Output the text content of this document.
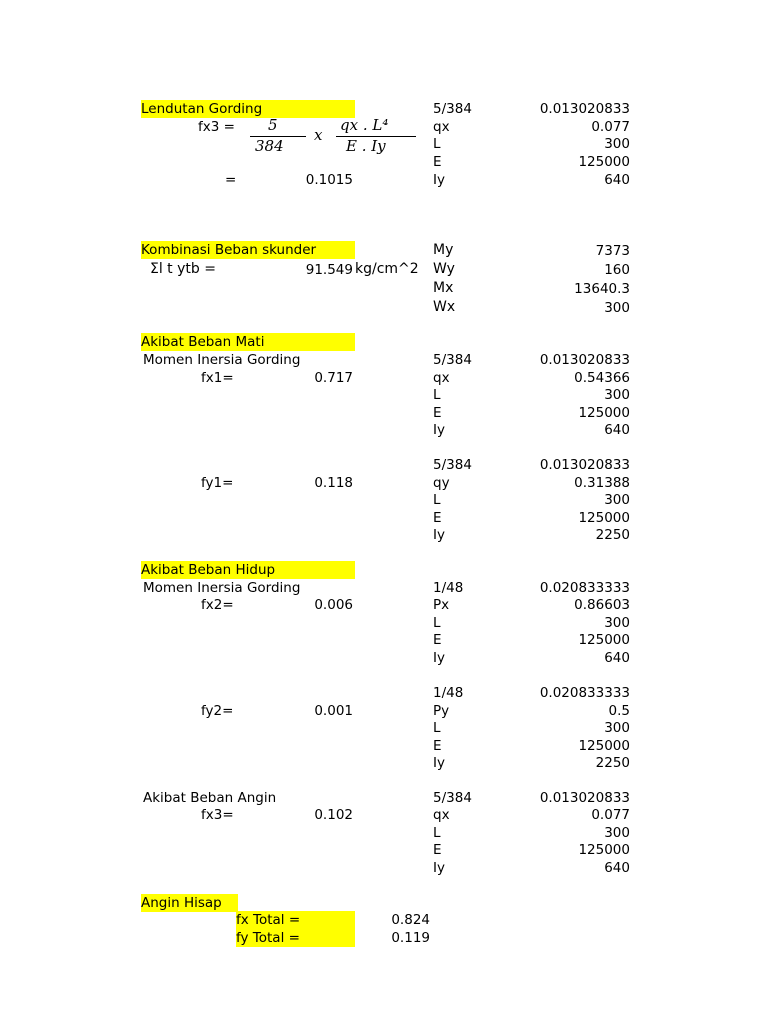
Lendutan Gording
fx3 = 5
384
x
qx . L⁴
E . Iy
=	0.1015
5/384	0.013020833
qx	0.077
L	300
E	125000
Iy	640
Kombinasi Beban skunder
Σl t ytb =	91.549 kg/cm^2
My	7373
Wy	160
Mx	13640.3
Wx	300
Akibat Beban Mati
Momen Inersia Gording
fx1=	0.717
5/384	0.013020833
qx	0.54366
L	300
E	125000
Iy	640
fy1=	0.118
5/384	0.013020833
qy	0.31388
L	300
E	125000
Iy	2250
Akibat Beban Hidup
Momen Inersia Gording
fx2=	0.006
1/48	0.020833333
Px	0.86603
L	300
E	125000
Iy	640
fy2=	0.001
1/48	0.020833333
Py	0.5
L	300
E	125000
Iy	2250
Akibat Beban Angin
fx3=	0.102
5/384	0.013020833
qx	0.077
L	300
E	125000
Iy	640
Angin Hisap
fx Total =	0.824
fy Total =	0.119
